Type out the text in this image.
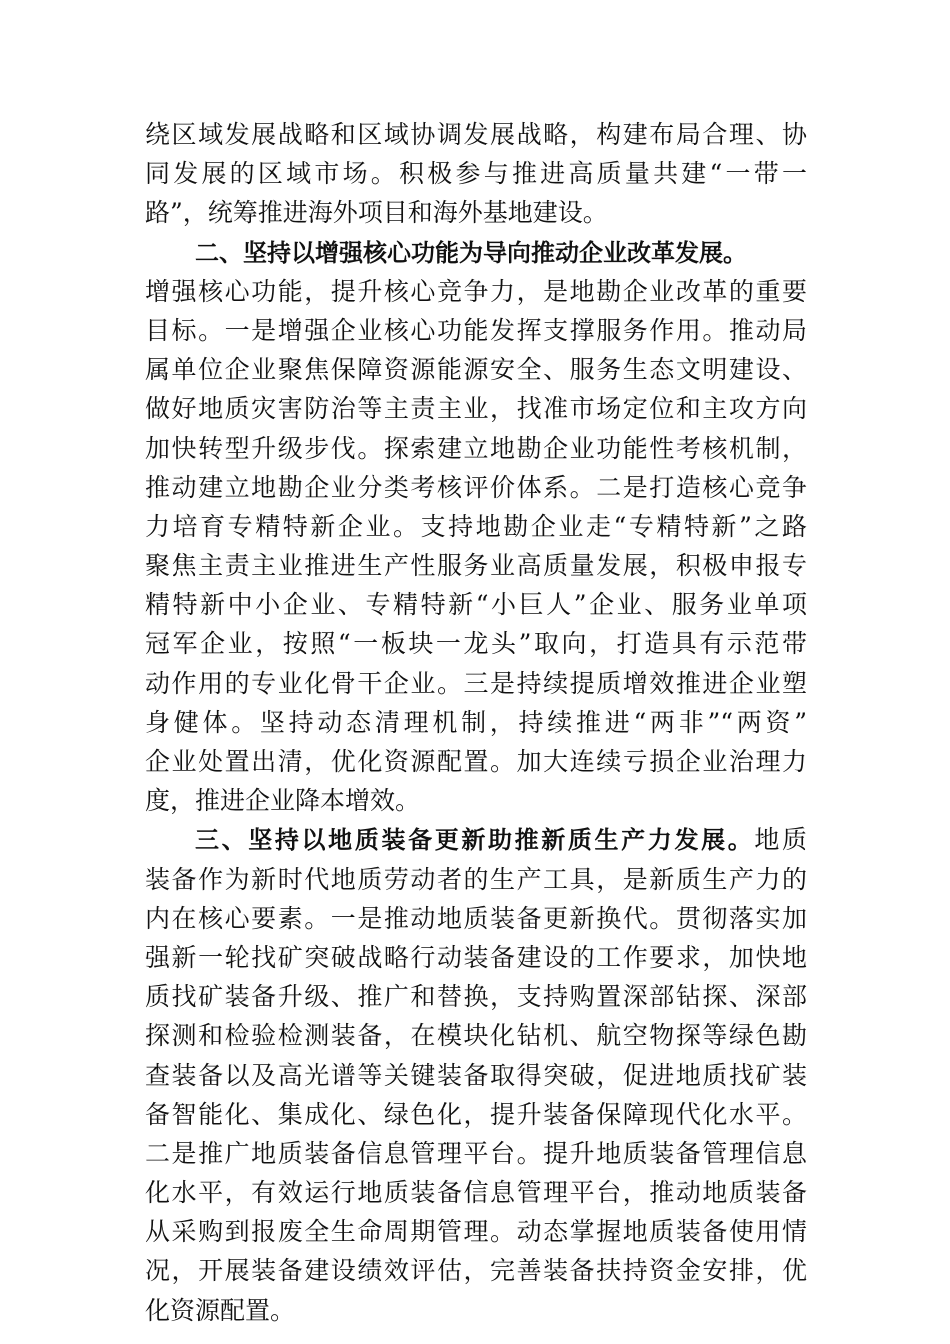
绕区域发展战略和区域协调发展战略，构建布局合理、协
同发展的区域市场。积极参与推进高质量共建“一带一
路”，统筹推进海外项目和海外基地建设。
二、坚持以增强核心功能为导向推动企业改革发展。
增强核心功能，提升核心竞争力，是地勘企业改革的重要
目标。一是增强企业核心功能发挥支撑服务作用。推动局
属单位企业聚焦保障资源能源安全、服务生态文明建设、
做好地质灾害防治等主责主业，找准市场定位和主攻方向
加快转型升级步伐。探索建立地勘企业功能性考核机制，
推动建立地勘企业分类考核评价体系。二是打造核心竞争
力培育专精特新企业。支持地勘企业走“专精特新”之路
聚焦主责主业推进生产性服务业高质量发展，积极申报专
精特新中小企业、专精特新“小巨人”企业、服务业单项
冠军企业，按照“一板块一龙头”取向，打造具有示范带
动作用的专业化骨干企业。三是持续提质增效推进企业塑
身健体。坚持动态清理机制，持续推进“两非”“两资”
企业处置出清，优化资源配置。加大连续亏损企业治理力
度，推进企业降本增效。
三、坚持以地质装备更新助推新质生产力发展。地质
装备作为新时代地质劳动者的生产工具，是新质生产力的
内在核心要素。一是推动地质装备更新换代。贯彻落实加
强新一轮找矿突破战略行动装备建设的工作要求，加快地
质找矿装备升级、推广和替换，支持购置深部钻探、深部
探测和检验检测装备，在模块化钻机、航空物探等绿色勘
查装备以及高光谱等关键装备取得突破，促进地质找矿装
备智能化、集成化、绿色化，提升装备保障现代化水平。
二是推广地质装备信息管理平台。提升地质装备管理信息
化水平，有效运行地质装备信息管理平台，推动地质装备
从采购到报废全生命周期管理。动态掌握地质装备使用情
况，开展装备建设绩效评估，完善装备扶持资金安排，优
化资源配置。
